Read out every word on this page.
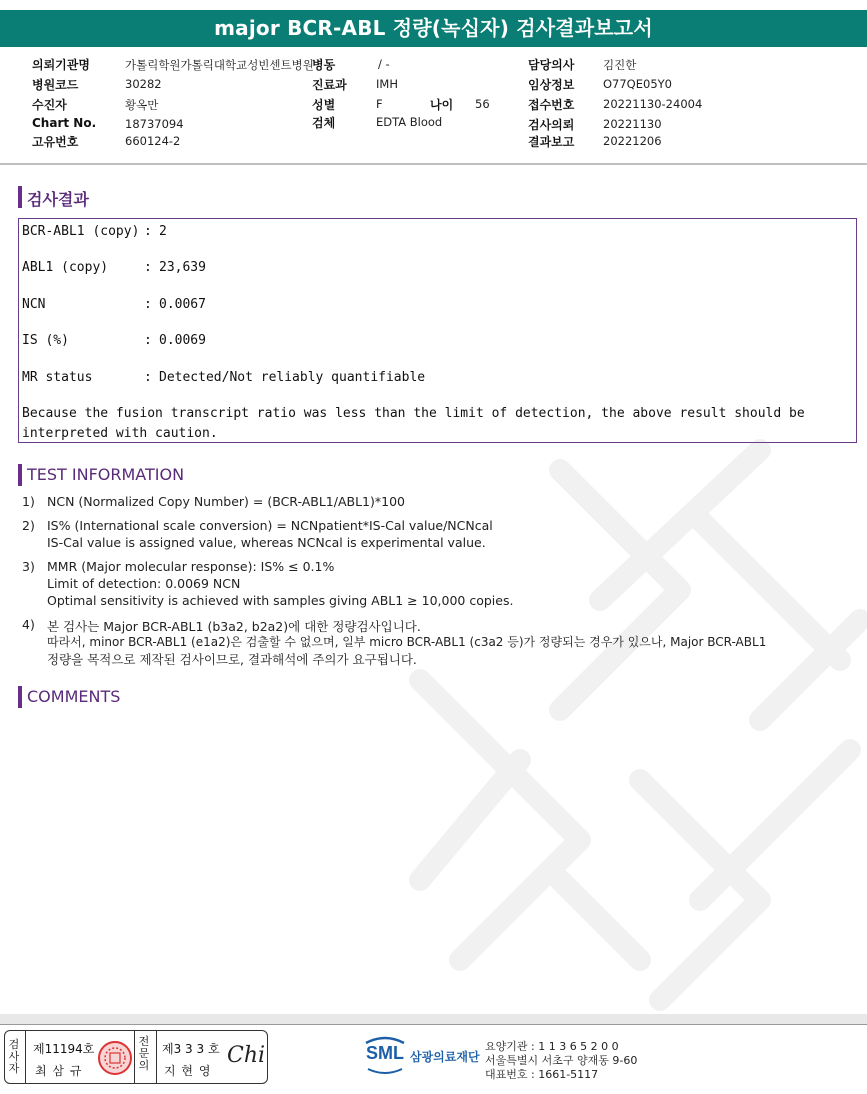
major BCR-ABL 정량(녹십자) 검사결과보고서
의뢰기관명	가톨릭학원가톨릭대학교성빈센트병원
병원코드	30282
수진자	황옥만
Chart No.	18737094
고유번호	660124-2
병동	/ -
진료과	IMH
성별	F	나이 56
검체	EDTA Blood
담당의사 김진한
임상정보 O77QE05Y0
접수번호 20221130-24004
검사의뢰 20221130
결과보고 20221206
검사결과
BCR-ABL1 (copy) : 2
ABL1 (copy)	: 23,639
NCN	: 0.0067
IS (%)	: 0.0069
MR status	: Detected/Not reliably quantifiable
Because the fusion transcript ratio was less than the limit of detection, the above result should be
interpreted with caution.
TEST INFORMATION
1) NCN (Normalized Copy Number) = (BCR-ABL1/ABL1)*100
2) IS% (International scale conversion) = NCNpatient*IS-Cal value/NCNcal
IS-Cal value is assigned value, whereas NCNcal is experimental value.
3) MMR (Major molecular response): IS% ≤ 0.1%
Limit of detection: 0.0069 NCN
Optimal sensitivity is achieved with samples giving ABL1 ≥ 10,000 copies.
4) 본 검사는 Major BCR-ABL1 (b3a2, b2a2)에 대한 정량검사입니다.
따라서, minor BCR-ABL1 (e1a2)은 검출할 수 없으며, 일부 micro BCR-ABL1 (c3a2 등)가 정량되는 경우가 있으나, Major BCR-ABL1
정량을 목적으로 제작된 검사이므로, 결과해석에 주의가 요구됩니다.
COMMENTS
검사자
제11194호
최 삼 규
전문의
제3 3 3 호
지 현 영
Chi	SML 삼광의료재단
요양기관 : 1 1 3 6 5 2 0 0
서울특별시 서초구 양재동 9-60
대표번호 : 1661-5117
